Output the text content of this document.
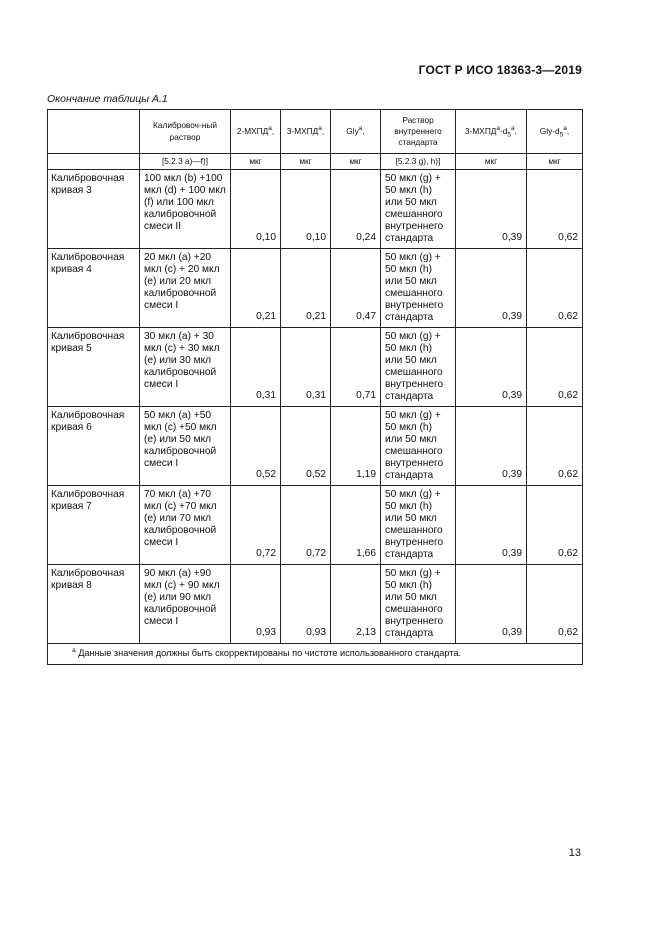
ГОСТ Р ИСО 18363-3—2019
Окончание таблицы А.1
	Калибровоч-ный раствор	2-МХПД$^a$,	3-МХПД$^a$,	Gly$^a$,	Раствор внутреннего стандарта	$3-МХПД^a-d_5^a$,	Gly-$d_5^a$,
	[5.2.3 а)—f)]	мкг	мкг	мкг	[5.2.3 g), h)]	мкг	мкг
Калибровочная кривая 3	100 мкл (b) +100 мкл (d) + 100 мкл (f) или 100 мкл калибровочной смеси II	0,10	0,10	0,24	50 мкл (g) + 50 мкл (h) или 50 мкл смешанного внутреннего стандарта	0,39	0,62
Калибровочная кривая 4	20 мкл (а) +20 мкл (с) + 20 мкл (е) или 20 мкл калибровочной смеси I	0,21	0,21	0,47	50 мкл (g) + 50 мкл (h) или 50 мкл смешанного внутреннего стандарта	0,39	0,62
Калибровочная кривая 5	30 мкл (а) + 30 мкл (с) + 30 мкл (е) или 30 мкл калибровочной смеси I	0,31	0,31	0,71	50 мкл (g) + 50 мкл (h) или 50 мкл смешанного внутреннего стандарта	0,39	0,62
Калибровочная кривая 6	50 мкл (а) +50 мкл (с) +50 мкл (е) или 50 мкл калибровочной смеси I	0,52	0,52	1,19	50 мкл (g) + 50 мкл (h) или 50 мкл смешанного внутреннего стандарта	0,39	0,62
Калибровочная кривая 7	70 мкл (а) +70 мкл (с) +70 мкл (е) или 70 мкл калибровочной смеси I	0,72	0,72	1,66	50 мкл (g) + 50 мкл (h) или 50 мкл смешанного внутреннего стандарта	0,39	0,62
Калибровочная кривая 8	90 мкл (а) +90 мкл (с) + 90 мкл (е) или 90 мкл калибровочной смеси I	0,93	0,93	2,13	50 мкл (g) + 50 мкл (h) или 50 мкл смешанного внутреннего стандарта	0,39	0,62
$^a$ Данные значения должны быть скорректированы по чистоте использованного стандарта.							
13
